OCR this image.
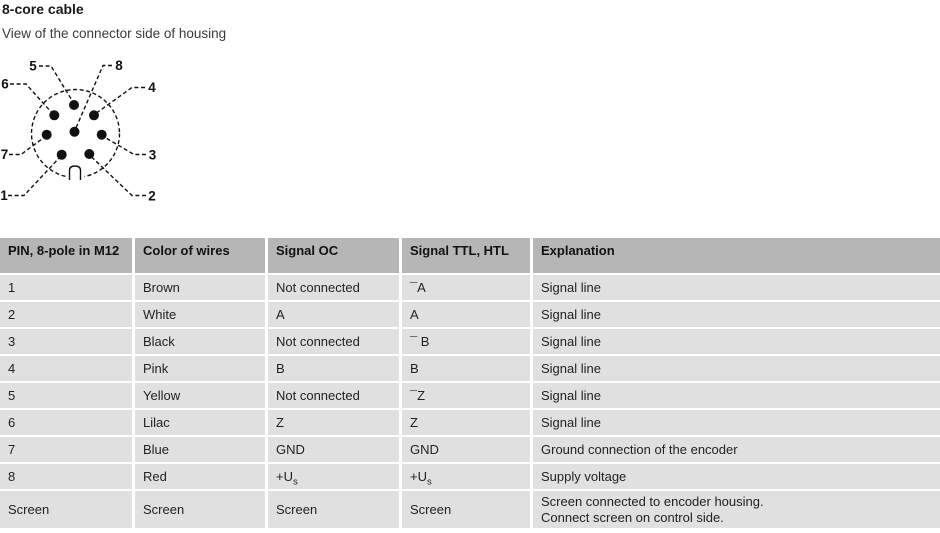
8-core cable
View of the connector side of housing
5	8
6	4
7	3
1	2
PIN, 8-pole in M12	Color of wires	Signal OC	Signal TTL, HTL	Explanation
1	Brown	Not connected	¯A	Signal line

2	White	A	A	Signal line

3	Black	Not connected	¯ B	Signal line

4	Pink	B	B	Signal line

5	Yellow	Not connected	¯Z	Signal line

6	Lilac	Z	Z	Signal line

7	Blue	GND	GND	Ground connection of the encoder

8	Red	$+U_s$	$+U_s$	Supply voltage

Screen	Screen	Screen	Screen	Screen connected to encoder housing.
Connect screen on control side.
